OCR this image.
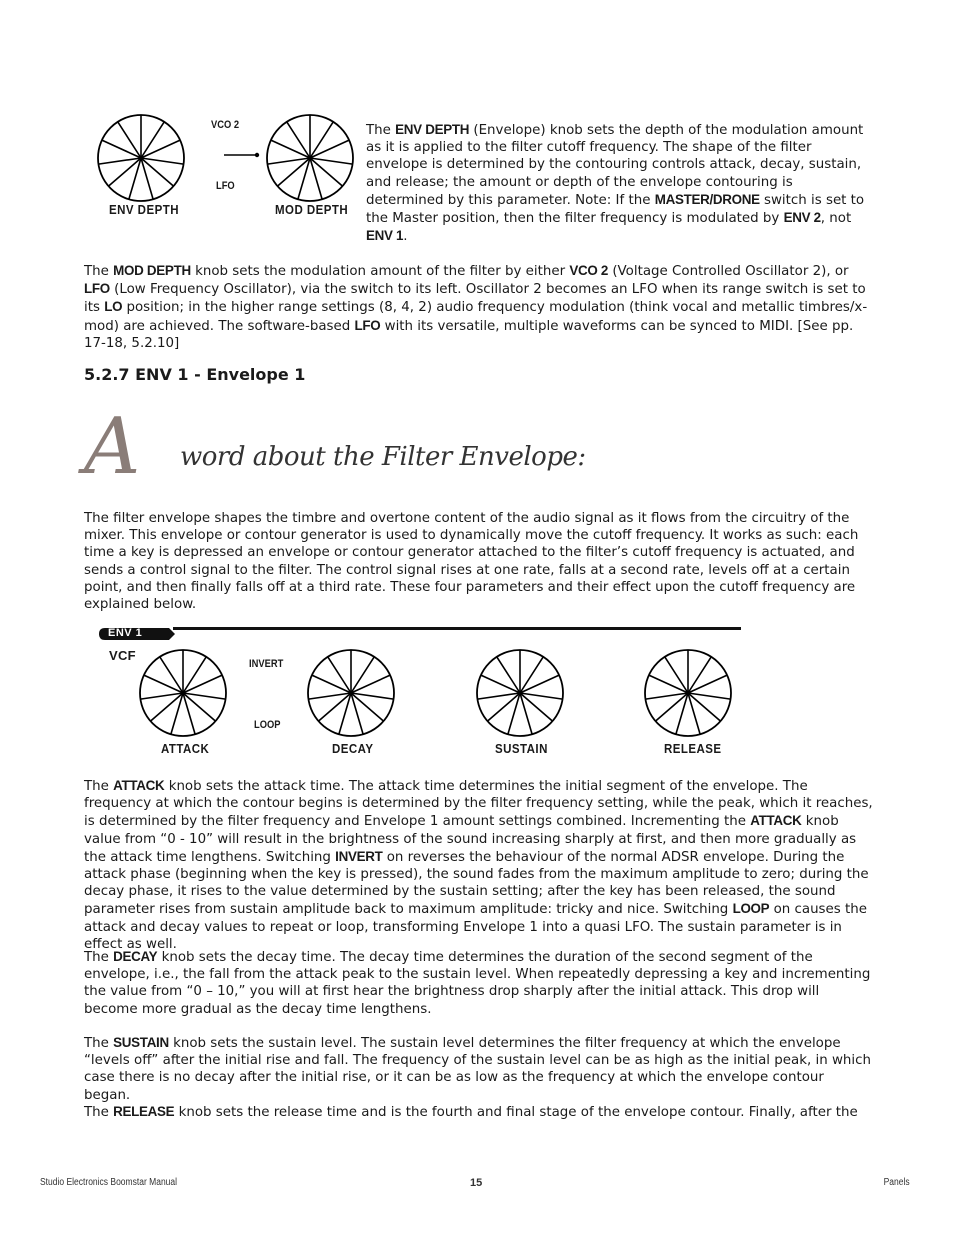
ENV DEPTH
VCO 2
LFO
MOD DEPTH
The ENV DEPTH (Envelope) knob sets the depth of the modulation amount as it is applied to the filter cutoff frequency. The shape of the filter envelope is determined by the contouring controls attack, decay, sustain, and release; the amount or depth of the envelope contouring is determined by this parameter. Note: If the MASTER/DRONE switch is set to the Master position, then the filter frequency is modulated by ENV 2, not ENV 1.
The MOD DEPTH knob sets the modulation amount of the filter by either VCO 2 (Voltage Controlled Oscillator 2), or LFO (Low Frequency Oscillator), via the switch to its left. Oscillator 2 becomes an LFO when its range switch is set to its LO position; in the higher range settings (8, 4, 2) audio frequency modulation (think vocal and metallic timbres/x-mod) are achieved. The software-based LFO with its versatile, multiple waveforms can be synced to MIDI. [See pp. 17-18, 5.2.10]
5.2.7 ENV 1 - Envelope 1
A word about the Filter Envelope:
The filter envelope shapes the timbre and overtone content of the audio signal as it flows from the circuitry of the mixer. This envelope or contour generator is used to dynamically move the cutoff frequency. It works as such: each time a key is depressed an envelope or contour generator attached to the filter’s cutoff frequency is actuated, and sends a control signal to the filter. The control signal rises at one rate, falls at a second rate, levels off at a certain point, and then finally falls off at a third rate. These four parameters and their effect upon the cutoff frequency are explained below.
ENV 1
VCF
INVERT
LOOP
ATTACK	DECAY	SUSTAIN	RELEASE
The ATTACK knob sets the attack time. The attack time determines the initial segment of the envelope. The frequency at which the contour begins is determined by the filter frequency setting, while the peak, which it reaches, is determined by the filter frequency and Envelope 1 amount settings combined. Incrementing the ATTACK knob value from “0 - 10” will result in the brightness of the sound increasing sharply at first, and then more gradually as the attack time lengthens. Switching INVERT on reverses the behaviour of the normal ADSR envelope. During the attack phase (beginning when the key is pressed), the sound fades from the maximum amplitude to zero; during the decay phase, it rises to the value determined by the sustain setting; after the key has been released, the sound parameter rises from sustain amplitude back to maximum amplitude: tricky and nice. Switching LOOP on causes the attack and decay values to repeat or loop, transforming Envelope 1 into a quasi LFO. The sustain parameter is in effect as well.
The DECAY knob sets the decay time. The decay time determines the duration of the second segment of the envelope, i.e., the fall from the attack peak to the sustain level. When repeatedly depressing a key and incrementing the value from “0 – 10,” you will at first hear the brightness drop sharply after the initial attack. This drop will become more gradual as the decay time lengthens.
The SUSTAIN knob sets the sustain level. The sustain level determines the filter frequency at which the envelope “levels off” after the initial rise and fall. The frequency of the sustain level can be as high as the initial peak, in which case there is no decay after the initial rise, or it can be as low as the frequency at which the envelope contour began.
The RELEASE knob sets the release time and is the fourth and final stage of the envelope contour. Finally, after the
Studio Electronics Boomstar Manual	15	Panels
